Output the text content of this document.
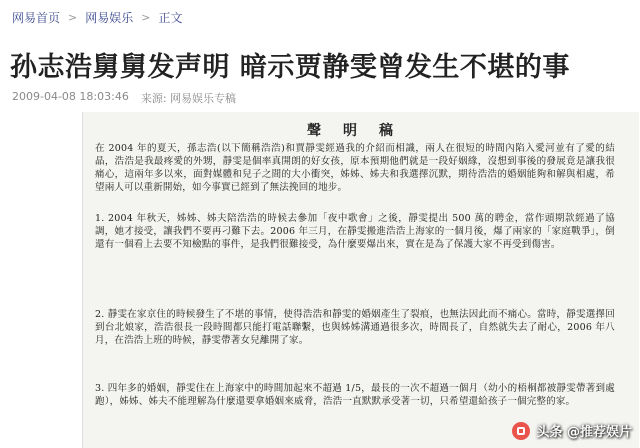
网易首页 > 网易娱乐 > 正文
孙志浩舅舅发声明 暗示贾静雯曾发生不堪的事
2009-04-08 18:03:46 来源: 网易娱乐专稿
聲明稿

在 2004 年的夏天，孫志浩(以下簡稱浩浩)和賈靜雯經過我的介紹而相識，兩人在很短的時間內陷入愛河並有了愛的結晶，浩浩是我最疼愛的外甥，靜雯是個率真開朗的好女孩，原本預期他們就是一段好姻緣，沒想到事後的發展竟是讓我很痛心，這兩年多以來，面對媒體和兒子之間的大小衝突，姊姊、姊夫和我選擇沉默，期待浩浩的婚姻能夠和解與相處，希望兩人可以重新開始，如今事實已經到了無法挽回的地步。

1. 2004 年秋天，姊姊、姊夫陪浩浩的時候去參加「夜中歌會」之後，靜雯提出 500 萬的聘金，當作頭期款經過了協調，她才接受，讓我們不要再刁難下去。2006 年三月，在靜雯搬進浩浩上海家的一個月後，爆了兩家的「家庭戰爭」，倒還有一個看上去要不知檢點的事件，是我們很難接受，為什麼要爆出來，實在是為了保護大家不再受到傷害。

2. 靜雯在家京住的時候發生了不堪的事情，使得浩浩和靜雯的婚姻產生了裂痕，也無法因此而不痛心。當時，靜雯選擇回到台北娘家，浩浩很長一段時間都只能打電話聯繫，也與姊姊溝通過很多次，時間長了，自然就失去了耐心，2006 年八月，在浩浩上班的時候，靜雯帶著女兒離開了家。

3. 四年多的婚姻，靜雯住在上海家中的時間加起來不超過 1/5，最長的一次不超過一個月（幼小的梧桐都被靜雯帶著到處跑），姊姊、姊夫不能理解為什麼還要拿婚姻來威脅，浩浩一直默默承受著一切，只希望還給孩子一個完整的家。

头条 @推荐娱片
